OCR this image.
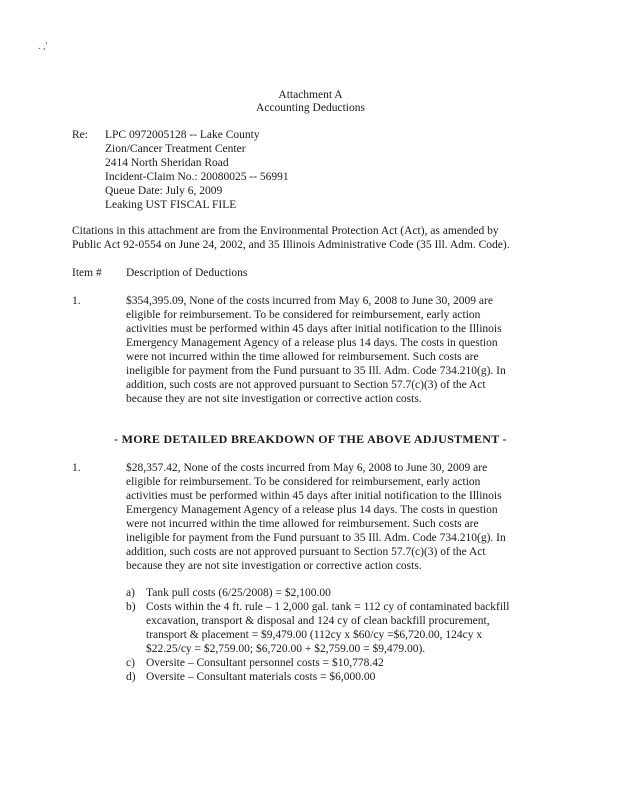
. ,'
Attachment A
Accounting Deductions
Re: LPC 0972005128 -- Lake County
Zion/Cancer Treatment Center
2414 North Sheridan Road
Incident-Claim No.: 20080025 -- 56991
Queue Date: July 6, 2009
Leaking UST FISCAL FILE
Citations in this attachment are from the Environmental Protection Act (Act), as amended by
Public Act 92-0554 on June 24, 2002, and 35 Illinois Administrative Code (35 Ill. Adm. Code).
Item # Description of Deductions
1.	$354,395.09, None of the costs incurred from May 6, 2008 to June 30, 2009 are
eligible for reimbursement. To be considered for reimbursement, early action
activities must be performed within 45 days after initial notification to the Illinois
Emergency Management Agency of a release plus 14 days. The costs in question
were not incurred within the time allowed for reimbursement. Such costs are
ineligible for payment from the Fund pursuant to 35 Ill. Adm. Code 734.210(g). In
addition, such costs are not approved pursuant to Section 57.7(c)(3) of the Act
because they are not site investigation or corrective action costs.
- MORE DETAILED BREAKDOWN OF THE ABOVE ADJUSTMENT -
1.	$28,357.42, None of the costs incurred from May 6, 2008 to June 30, 2009 are
eligible for reimbursement. To be considered for reimbursement, early action
activities must be performed within 45 days after initial notification to the Illinois
Emergency Management Agency of a release plus 14 days. The costs in question
were not incurred within the time allowed for reimbursement. Such costs are
ineligible for payment from the Fund pursuant to 35 Ill. Adm. Code 734.210(g). In
addition, such costs are not approved pursuant to Section 57.7(c)(3) of the Act
because they are not site investigation or corrective action costs.
a) Tank pull costs (6/25/2008) = $2,100.00
b) Costs within the 4 ft. rule – 1 2,000 gal. tank = 112 cy of contaminated backfill
excavation, transport & disposal and 124 cy of clean backfill procurement,
transport & placement = $9,479.00 (112cy x $60/cy =$6,720.00, 124cy x
$22.25/cy = $2,759.00; $6,720.00 + $2,759.00 = $9,479.00).
c) Oversite – Consultant personnel costs = $10,778.42
d) Oversite – Consultant materials costs = $6,000.00
